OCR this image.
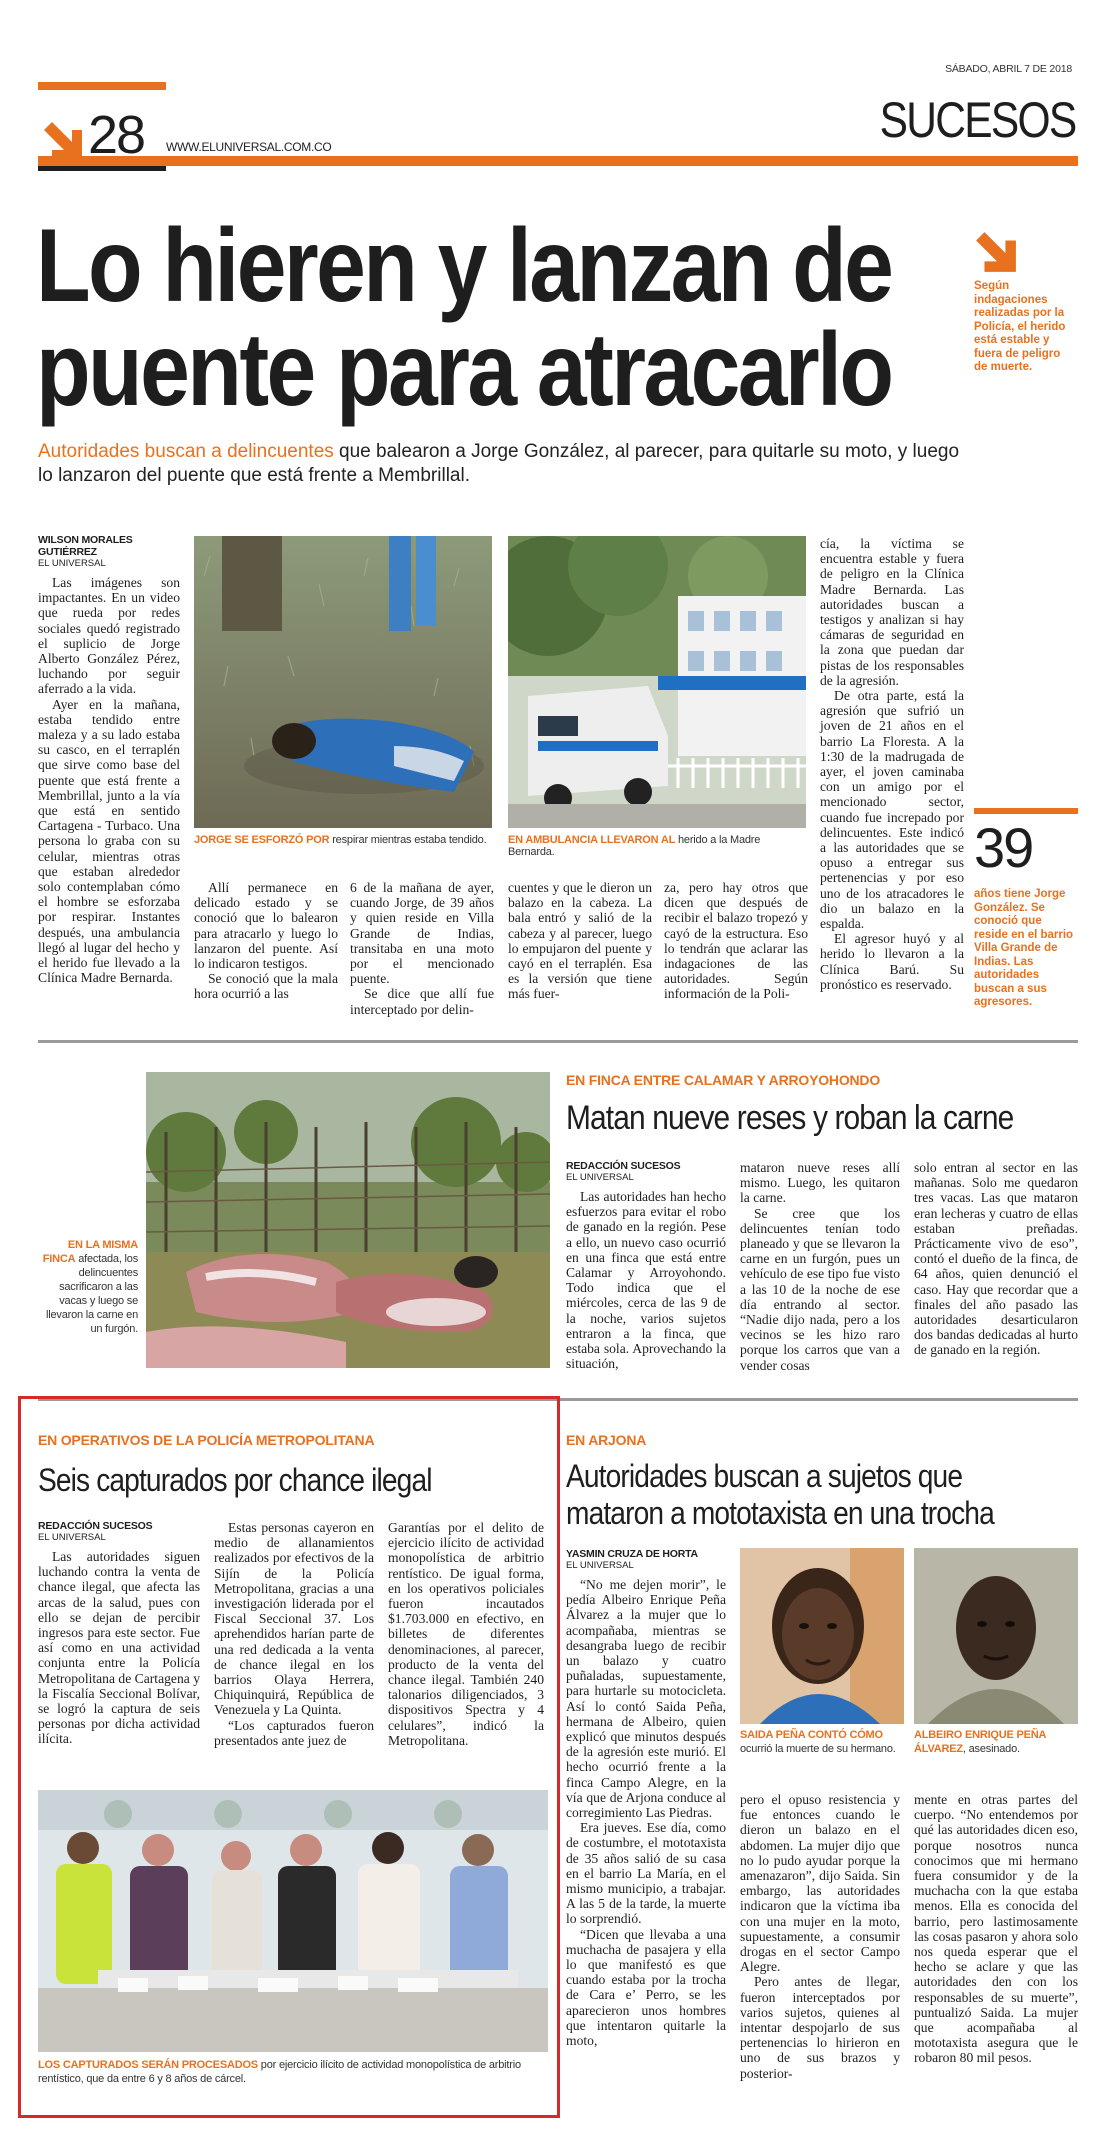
SÁBADO, ABRIL 7 DE 2018
28 WWW.ELUNIVERSAL.COM.CO	SUCESOS
Lo hieren y lanzan de
puente para atracarlo
Autoridades buscan a delincuentes que balearon a Jorge González, al parecer, para quitarle su moto, y luego lo lanzaron del puente que está frente a Membrillal.
Según indagaciones realizadas por la Policía, el herido está estable y fuera de peligro de muerte.
WILSON MORALES GUTIÉRREZ
EL UNIVERSAL

Las imágenes son impactantes. En un video que rueda por redes sociales quedó registrado el suplicio de Jorge Alberto González Pérez, luchando por seguir aferrado a la vida.

Ayer en la mañana, estaba tendido entre maleza y a su lado estaba su casco, en el terraplén que sirve como base del puente que está frente a Membrillal, junto a la vía que está en sentido Cartagena - Turbaco. Una persona lo graba con su celular, mientras otras que estaban alrededor solo contemplaban cómo el hombre se esforzaba por respirar. Instantes después, una ambulancia llegó al lugar del hecho y el herido fue llevado a la Clínica Madre Bernarda.

JORGE SE ESFORZÓ POR respirar mientras estaba tendido.	EN AMBULANCIA LLEVARON AL herido a la Madre Bernarda.

Allí permanece en delicado estado y se conoció que lo balearon para atracarlo y luego lo lanzaron del puente. Así lo indicaron testigos.

Se conoció que la mala hora ocurrió a las

6 de la mañana de ayer, cuando Jorge, de 39 años y quien reside en Villa Grande de Indias, transitaba en una moto por el mencionado puente.

Se dice que allí fue interceptado por delin-

cuentes y que le dieron un balazo en la cabeza. La bala entró y salió de la cabeza y al parecer, luego lo empujaron del puente y cayó en el terraplén. Esa es la versión que tiene más fuer-

za, pero hay otros que dicen que después de recibir el balazo tropezó y cayó de la estructura. Eso lo tendrán que aclarar las indagaciones de las autoridades. Según información de la Poli-

cía, la víctima se encuentra estable y fuera de peligro en la Clínica Madre Bernarda. Las autoridades buscan a testigos y analizan si hay cámaras de seguridad en la zona que puedan dar pistas de los responsables de la agresión.

De otra parte, está la agresión que sufrió un joven de 21 años en el barrio La Floresta. A la 1:30 de la madrugada de ayer, el joven caminaba con un amigo por el mencionado sector, cuando fue increpado por delincuentes. Este indicó a las autoridades que se opuso a entregar sus pertenencias y por eso uno de los atracadores le dio un balazo en la espalda.

El agresor huyó y al herido lo llevaron a la Clínica Barú. Su pronóstico es reservado.

39
años tiene Jorge González. Se conoció que reside en el barrio Villa Grande de Indias. Las autoridades buscan a sus agresores.
EN LA MISMA FINCA afectada, los delincuentes sacrificaron a las vacas y luego se llevaron la carne en un furgón.
EN FINCA ENTRE CALAMAR Y ARROYOHONDO
Matan nueve reses y roban la carne
REDACCIÓN SUCESOS
EL UNIVERSAL

Las autoridades han hecho esfuerzos para evitar el robo de ganado en la región. Pese a ello, un nuevo caso ocurrió en una finca que está entre Calamar y Arroyohondo. Todo indica que el miércoles, cerca de las 9 de la noche, varios sujetos entraron a la finca, que estaba sola. Aprovechando la situación,

mataron nueve reses allí mismo. Luego, les quitaron la carne.

Se cree que los delincuentes tenían todo planeado y que se llevaron la carne en un furgón, pues un vehículo de ese tipo fue visto a las 10 de la noche de ese día entrando al sector. “Nadie dijo nada, pero a los vecinos se les hizo raro porque los carros que van a vender cosas

solo entran al sector en las mañanas. Solo me quedaron tres vacas. Las que mataron eran lecheras y cuatro de ellas estaban preñadas. Prácticamente vivo de eso”, contó el dueño de la finca, de 64 años, quien denunció el caso. Hay que recordar que a finales del año pasado las autoridades desarticularon dos bandas dedicadas al hurto de ganado en la región.

EN OPERATIVOS DE LA POLICÍA METROPOLITANA
Seis capturados por chance ilegal
REDACCIÓN SUCESOS
EL UNIVERSAL

Las autoridades siguen luchando contra la venta de chance ilegal, que afecta las arcas de la salud, pues con ello se dejan de percibir ingresos para este sector. Fue así como en una actividad conjunta entre la Policía Metropolitana de Cartagena y la Fiscalía Seccional Bolívar, se logró la captura de seis personas por dicha actividad ilícita.

Estas personas cayeron en medio de allanamientos realizados por efectivos de la Sijín de la Policía Metropolitana, gracias a una investigación liderada por el Fiscal Seccional 37. Los aprehendidos harían parte de una red dedicada a la venta de chance ilegal en los barrios Olaya Herrera, Chiquinquirá, República de Venezuela y La Quinta.

“Los capturados fueron presentados ante juez de

Garantías por el delito de ejercicio ilícito de actividad monopolística de arbitrio rentístico. De igual forma, en los operativos policiales fueron incautados $1.703.000 en efectivo, en billetes de diferentes denominaciones, al parecer, producto de la venta del chance ilegal. También 240 talonarios diligenciados, 3 dispositivos Spectra y 4 celulares”, indicó la Metropolitana.

LOS CAPTURADOS SERÁN PROCESADOS por ejercicio ilícito de actividad monopolística de arbitrio rentístico, que da entre 6 y 8 años de cárcel.
EN ARJONA
Autoridades buscan a sujetos que
mataron a mototaxista en una trocha
YASMIN CRUZA DE HORTA
EL UNIVERSAL

“No me dejen morir”, le pedía Albeiro Enrique Peña Álvarez a la mujer que lo acompañaba, mientras se desangraba luego de recibir un balazo y cuatro puñaladas, supuestamente, para hurtarle su motocicleta. Así lo contó Saida Peña, hermana de Albeiro, quien explicó que minutos después de la agresión este murió. El hecho ocurrió frente a la finca Campo Alegre, en la vía que de Arjona conduce al corregimiento Las Piedras.

Era jueves. Ese día, como de costumbre, el mototaxista de 35 años salió de su casa en el barrio La María, en el mismo municipio, a trabajar. A las 5 de la tarde, la muerte lo sorprendió.

“Dicen que llevaba a una muchacha de pasajera y ella lo que manifestó es que cuando estaba por la trocha de Cara e’ Perro, se les aparecieron unos hombres que intentaron quitarle la moto,

SAIDA PEÑA CONTÓ CÓMO ocurrió la muerte de su hermano.
ALBEIRO ENRIQUE PEÑA ÁLVAREZ, asesinado.

pero el opuso resistencia y fue entonces cuando le dieron un balazo en el abdomen. La mujer dijo que no lo pudo ayudar porque la amenazaron”, dijo Saida. Sin embargo, las autoridades indicaron que la víctima iba con una mujer en la moto, supuestamente, a consumir drogas en el sector Campo Alegre.

Pero antes de llegar, fueron interceptados por varios sujetos, quienes al intentar despojarlo de sus pertenencias lo hirieron en uno de sus brazos y posterior-

mente en otras partes del cuerpo. “No entendemos por qué las autoridades dicen eso, porque nosotros nunca conocimos que mi hermano fuera consumidor y de la muchacha con la que estaba menos. Ella es conocida del barrio, pero lastimosamente las cosas pasaron y ahora solo nos queda esperar que el hecho se aclare y que las autoridades den con los responsables de su muerte”, puntualizó Saida. La mujer que acompañaba al mototaxista asegura que le robaron 80 mil pesos.
